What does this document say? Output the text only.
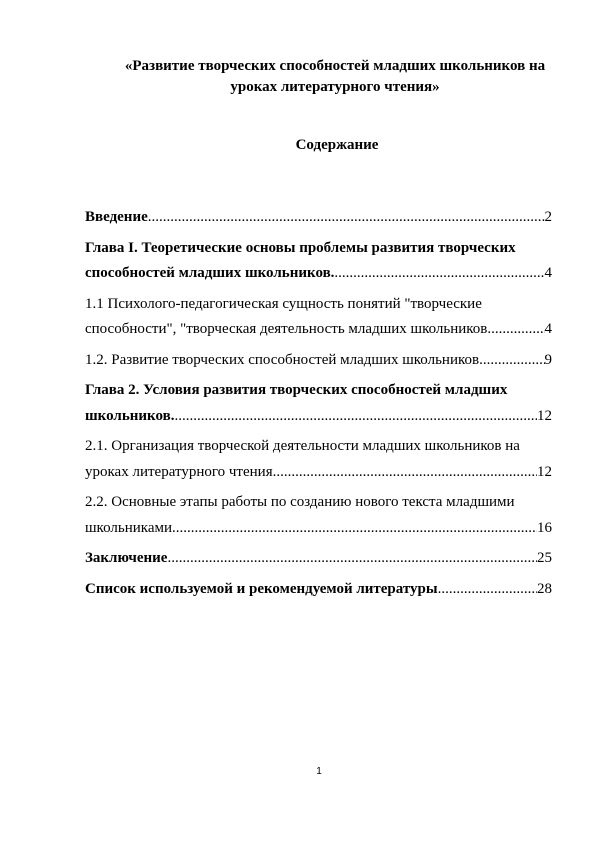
«Развитие творческих способностей младших школьников на
уроках литературного чтения»
Содержание
Введение .....	2
Глава I. Теоретические основы проблемы развития творческих
способностей младших школьников. .....	4
1.1 Психолого-педагогическая сущность понятий "творческие
способности", "творческая деятельность младших школьников .....	4
1.2. Развитие творческих способностей младших школьников. .....	9
Глава 2. Условия развития творческих способностей младших
школьников. .....	12
2.1. Организация творческой деятельности младших школьников на
уроках литературного чтения. .....	12
2.2. Основные этапы работы по созданию нового текста младшими
школьниками. .....	16
Заключение .....	25
Список используемой и рекомендуемой литературы .....	28
1
